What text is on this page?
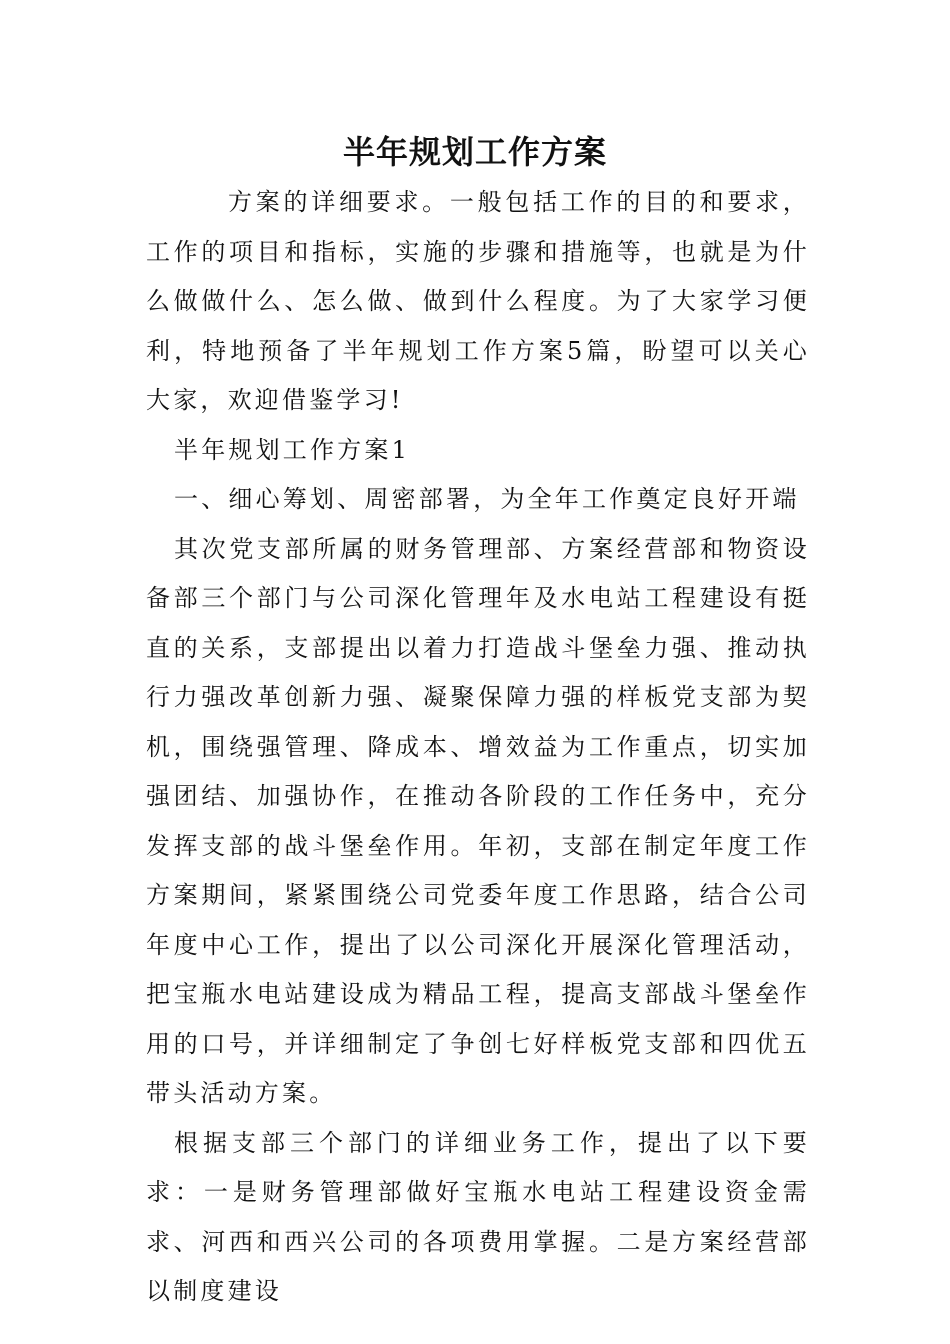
半年规划工作方案

方案的详细要求。一般包括工作的目的和要求，工作的项目和指标，实施的步骤和措施等，也就是为什么做做什么、怎么做、做到什么程度。为了大家学习便利，特地预备了半年规划工作方案5篇，盼望可以关心大家，欢迎借鉴学习!

半年规划工作方案1

一、细心筹划、周密部署，为全年工作奠定良好开端

其次党支部所属的财务管理部、方案经营部和物资设备部三个部门与公司深化管理年及水电站工程建设有挺直的关系，支部提出以着力打造战斗堡垒力强、推动执行力强改革创新力强、凝聚保障力强的样板党支部为契机，围绕强管理、降成本、增效益为工作重点，切实加强团结、加强协作，在推动各阶段的工作任务中，充分发挥支部的战斗堡垒作用。年初，支部在制定年度工作方案期间，紧紧围绕公司党委年度工作思路，结合公司年度中心工作，提出了以公司深化开展深化管理活动，把宝瓶水电站建设成为精品工程，提高支部战斗堡垒作用的口号，并详细制定了争创七好样板党支部和四优五带头活动方案。

根据支部三个部门的详细业务工作，提出了以下要求：一是财务管理部做好宝瓶水电站工程建设资金需求、河西和西兴公司的各项费用掌握。二是方案经营部以制度建设
